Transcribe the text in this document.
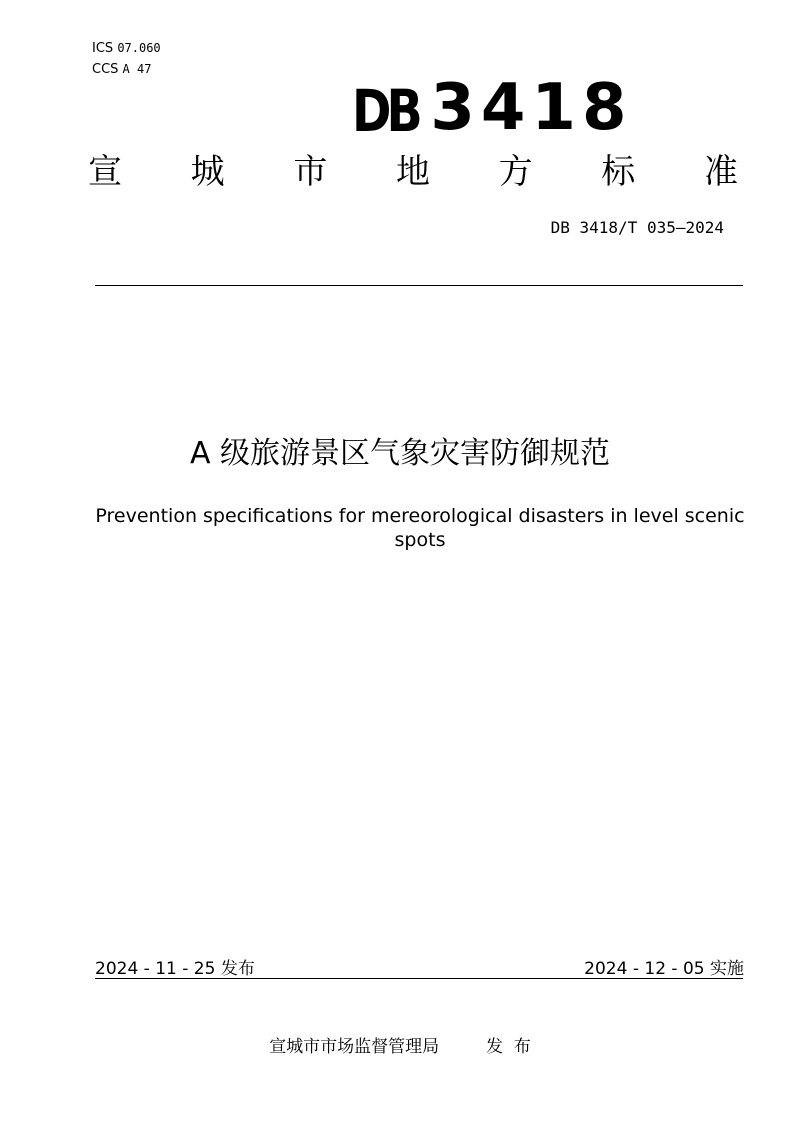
ICS 07.060
CCS A 47
DB 3418
宣 城 市 地 方 标 准
DB 3418/T 035—2024
A 级旅游景区气象灾害防御规范
Prevention specifications for mereorological disasters in level scenic spots
2024 - 11 - 25 发布	2024 - 12 - 05 实施
宣城市市场监督管理局	发  布
